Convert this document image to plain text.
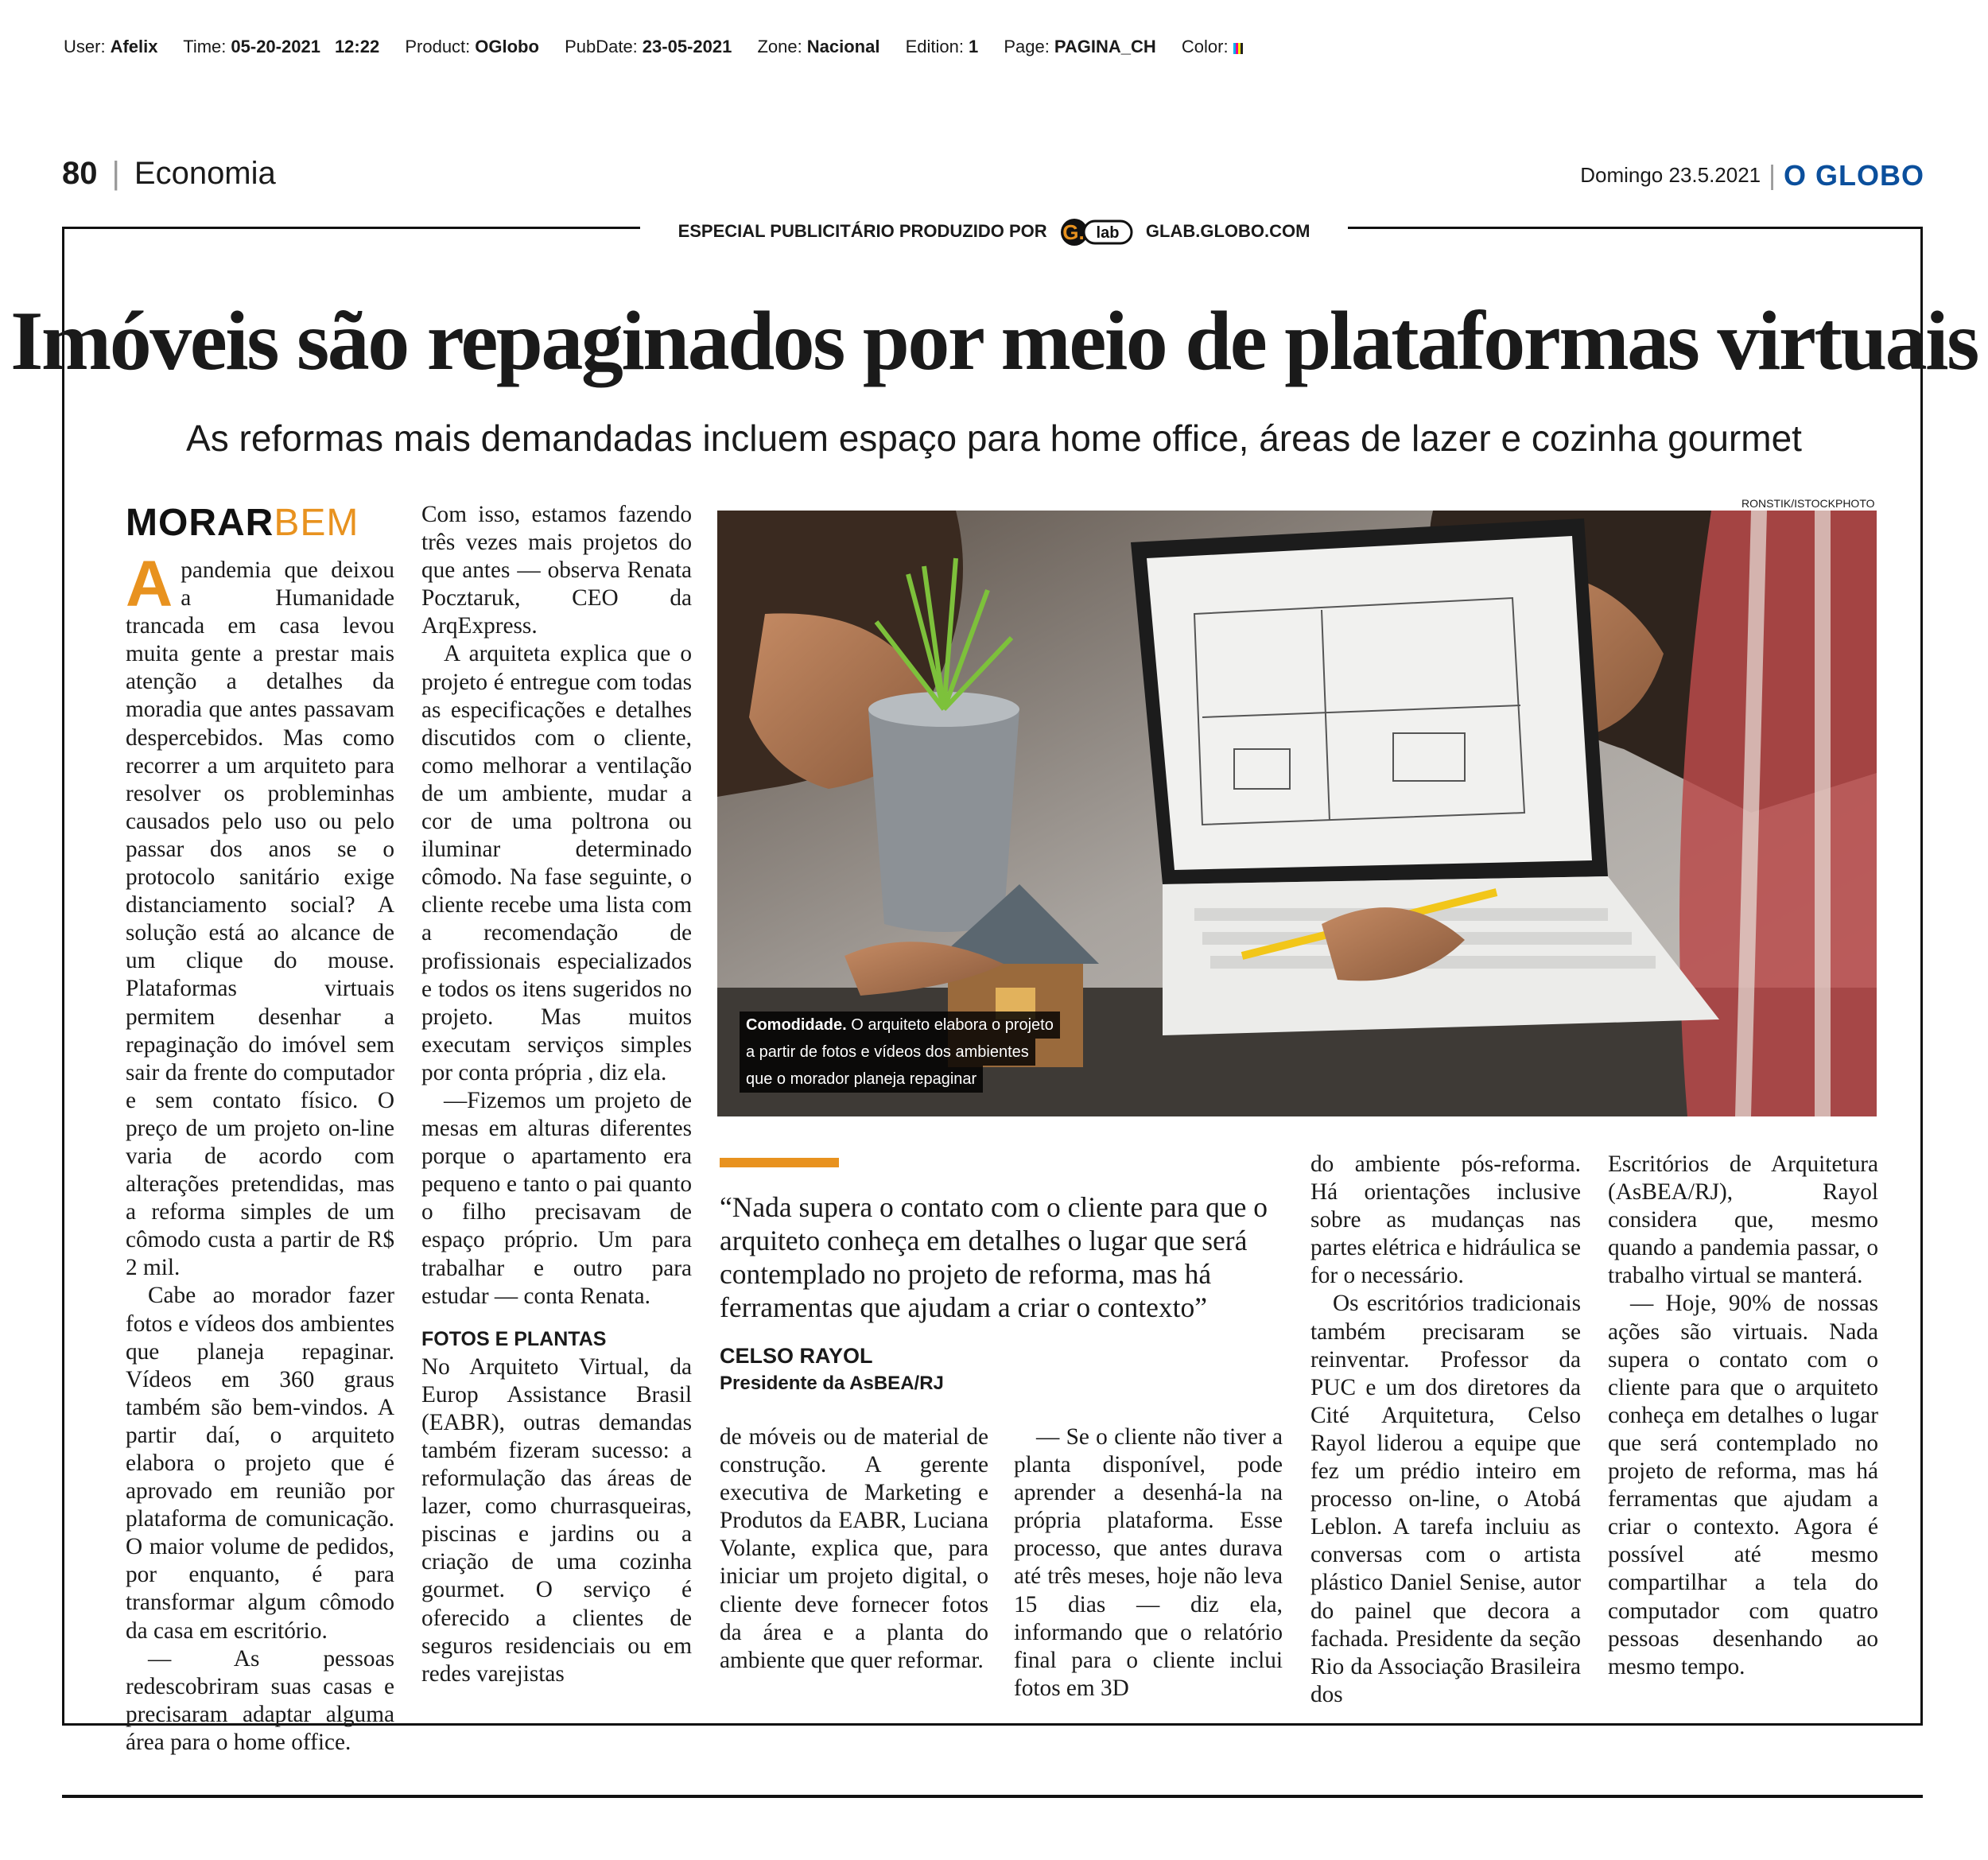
User: Afelix Time: 05-20-2021 12:22 Product: OGlobo PubDate: 23-05-2021 Zone: Nacional Edition: 1 Page: PAGINA_CH Color:
80 | Economia	Domingo 23.5.2021 | O GLOBO
ESPECIAL PUBLICITÁRIO PRODUZIDO POR G. lab GLAB.GLOBO.COM
Imóveis são repaginados por meio de plataformas virtuais
As reformas mais demandadas incluem espaço para home office, áreas de lazer e cozinha gourmet
MORARBEM

Apandemia que deixou a Humanidade trancada em casa levou muita gente a prestar mais atenção a detalhes da moradia que antes passavam despercebidos. Mas como recorrer a um arquiteto para resolver os probleminhas causados pelo uso ou pelo passar dos anos se o protocolo sanitário exige distanciamento social? A solução está ao alcance de um clique do mouse. Plataformas virtuais permitem desenhar a repaginação do imóvel sem sair da frente do computador e sem contato físico. O preço de um projeto on-line varia de acordo com alterações pretendidas, mas a reforma simples de um cômodo custa a partir de R$ 2 mil.

Cabe ao morador fazer fotos e vídeos dos ambientes que planeja repaginar. Vídeos em 360 graus também são bem-vindos. A partir daí, o arquiteto elabora o projeto que é aprovado em reunião por plataforma de comunicação. O maior volume de pedidos, por enquanto, é para transformar algum cômodo da casa em escritório.

— As pessoas redescobriram suas casas e precisaram adaptar alguma área para o home office.

Com isso, estamos fazendo três vezes mais projetos do que antes — observa Renata Pocztaruk, CEO da ArqExpress.

A arquiteta explica que o projeto é entregue com todas as especificações e detalhes discutidos com o cliente, como melhorar a ventilação de um ambiente, mudar a cor de uma poltrona ou iluminar determinado cômodo. Na fase seguinte, o cliente recebe uma lista com a recomendação de profissionais especializados e todos os itens sugeridos no projeto. Mas muitos executam serviços simples por conta própria , diz ela.

—Fizemos um projeto de mesas em alturas diferentes porque o apartamento era pequeno e tanto o pai quanto o filho precisavam de espaço próprio. Um para trabalhar e outro para estudar — conta Renata.

FOTOS E PLANTAS

No Arquiteto Virtual, da Europ Assistance Brasil (EABR), outras demandas também fizeram sucesso: a reformulação das áreas de lazer, como churrasqueiras, piscinas e jardins ou a criação de uma cozinha gourmet. O serviço é oferecido a clientes de seguros residenciais ou em redes varejistas

RONSTIK/ISTOCKPHOTO
Comodidade. O arquiteto elabora o projeto
a partir de fotos e vídeos dos ambientes
que o morador planeja repaginar
“Nada supera o contato com o cliente para que o arquiteto conheça em detalhes o lugar que será contemplado no projeto de reforma, mas há ferramentas que ajudam a criar o contexto”
CELSO RAYOL
Presidente da AsBEA/RJ

de móveis ou de material de construção. A gerente executiva de Marketing e Produtos da EABR, Luciana Volante, explica que, para iniciar um projeto digital, o cliente deve fornecer fotos da área e a planta do ambiente que quer reformar.

— Se o cliente não tiver a planta disponível, pode aprender a desenhá-la na própria plataforma. Esse processo, que antes durava até três meses, hoje não leva 15 dias — diz ela, informando que o relatório final para o cliente inclui fotos em 3D

do ambiente pós-reforma. Há orientações inclusive sobre as mudanças nas partes elétrica e hidráulica se for o necessário.

Os escritórios tradicionais também precisaram se reinventar. Professor da PUC e um dos diretores da Cité Arquitetura, Celso Rayol liderou a equipe que fez um prédio inteiro em processo on-line, o Atobá Leblon. A tarefa incluiu as conversas com o artista plástico Daniel Senise, autor do painel que decora a fachada. Presidente da seção Rio da Associação Brasileira dos

Escritórios de Arquitetura (AsBEA/RJ), Rayol considera que, mesmo quando a pandemia passar, o trabalho virtual se manterá.

— Hoje, 90% de nossas ações são virtuais. Nada supera o contato com o cliente para que o arquiteto conheça em detalhes o lugar que será contemplado no projeto de reforma, mas há ferramentas que ajudam a criar o contexto. Agora é possível até mesmo compartilhar a tela do computador com quatro pessoas desenhando ao mesmo tempo.
